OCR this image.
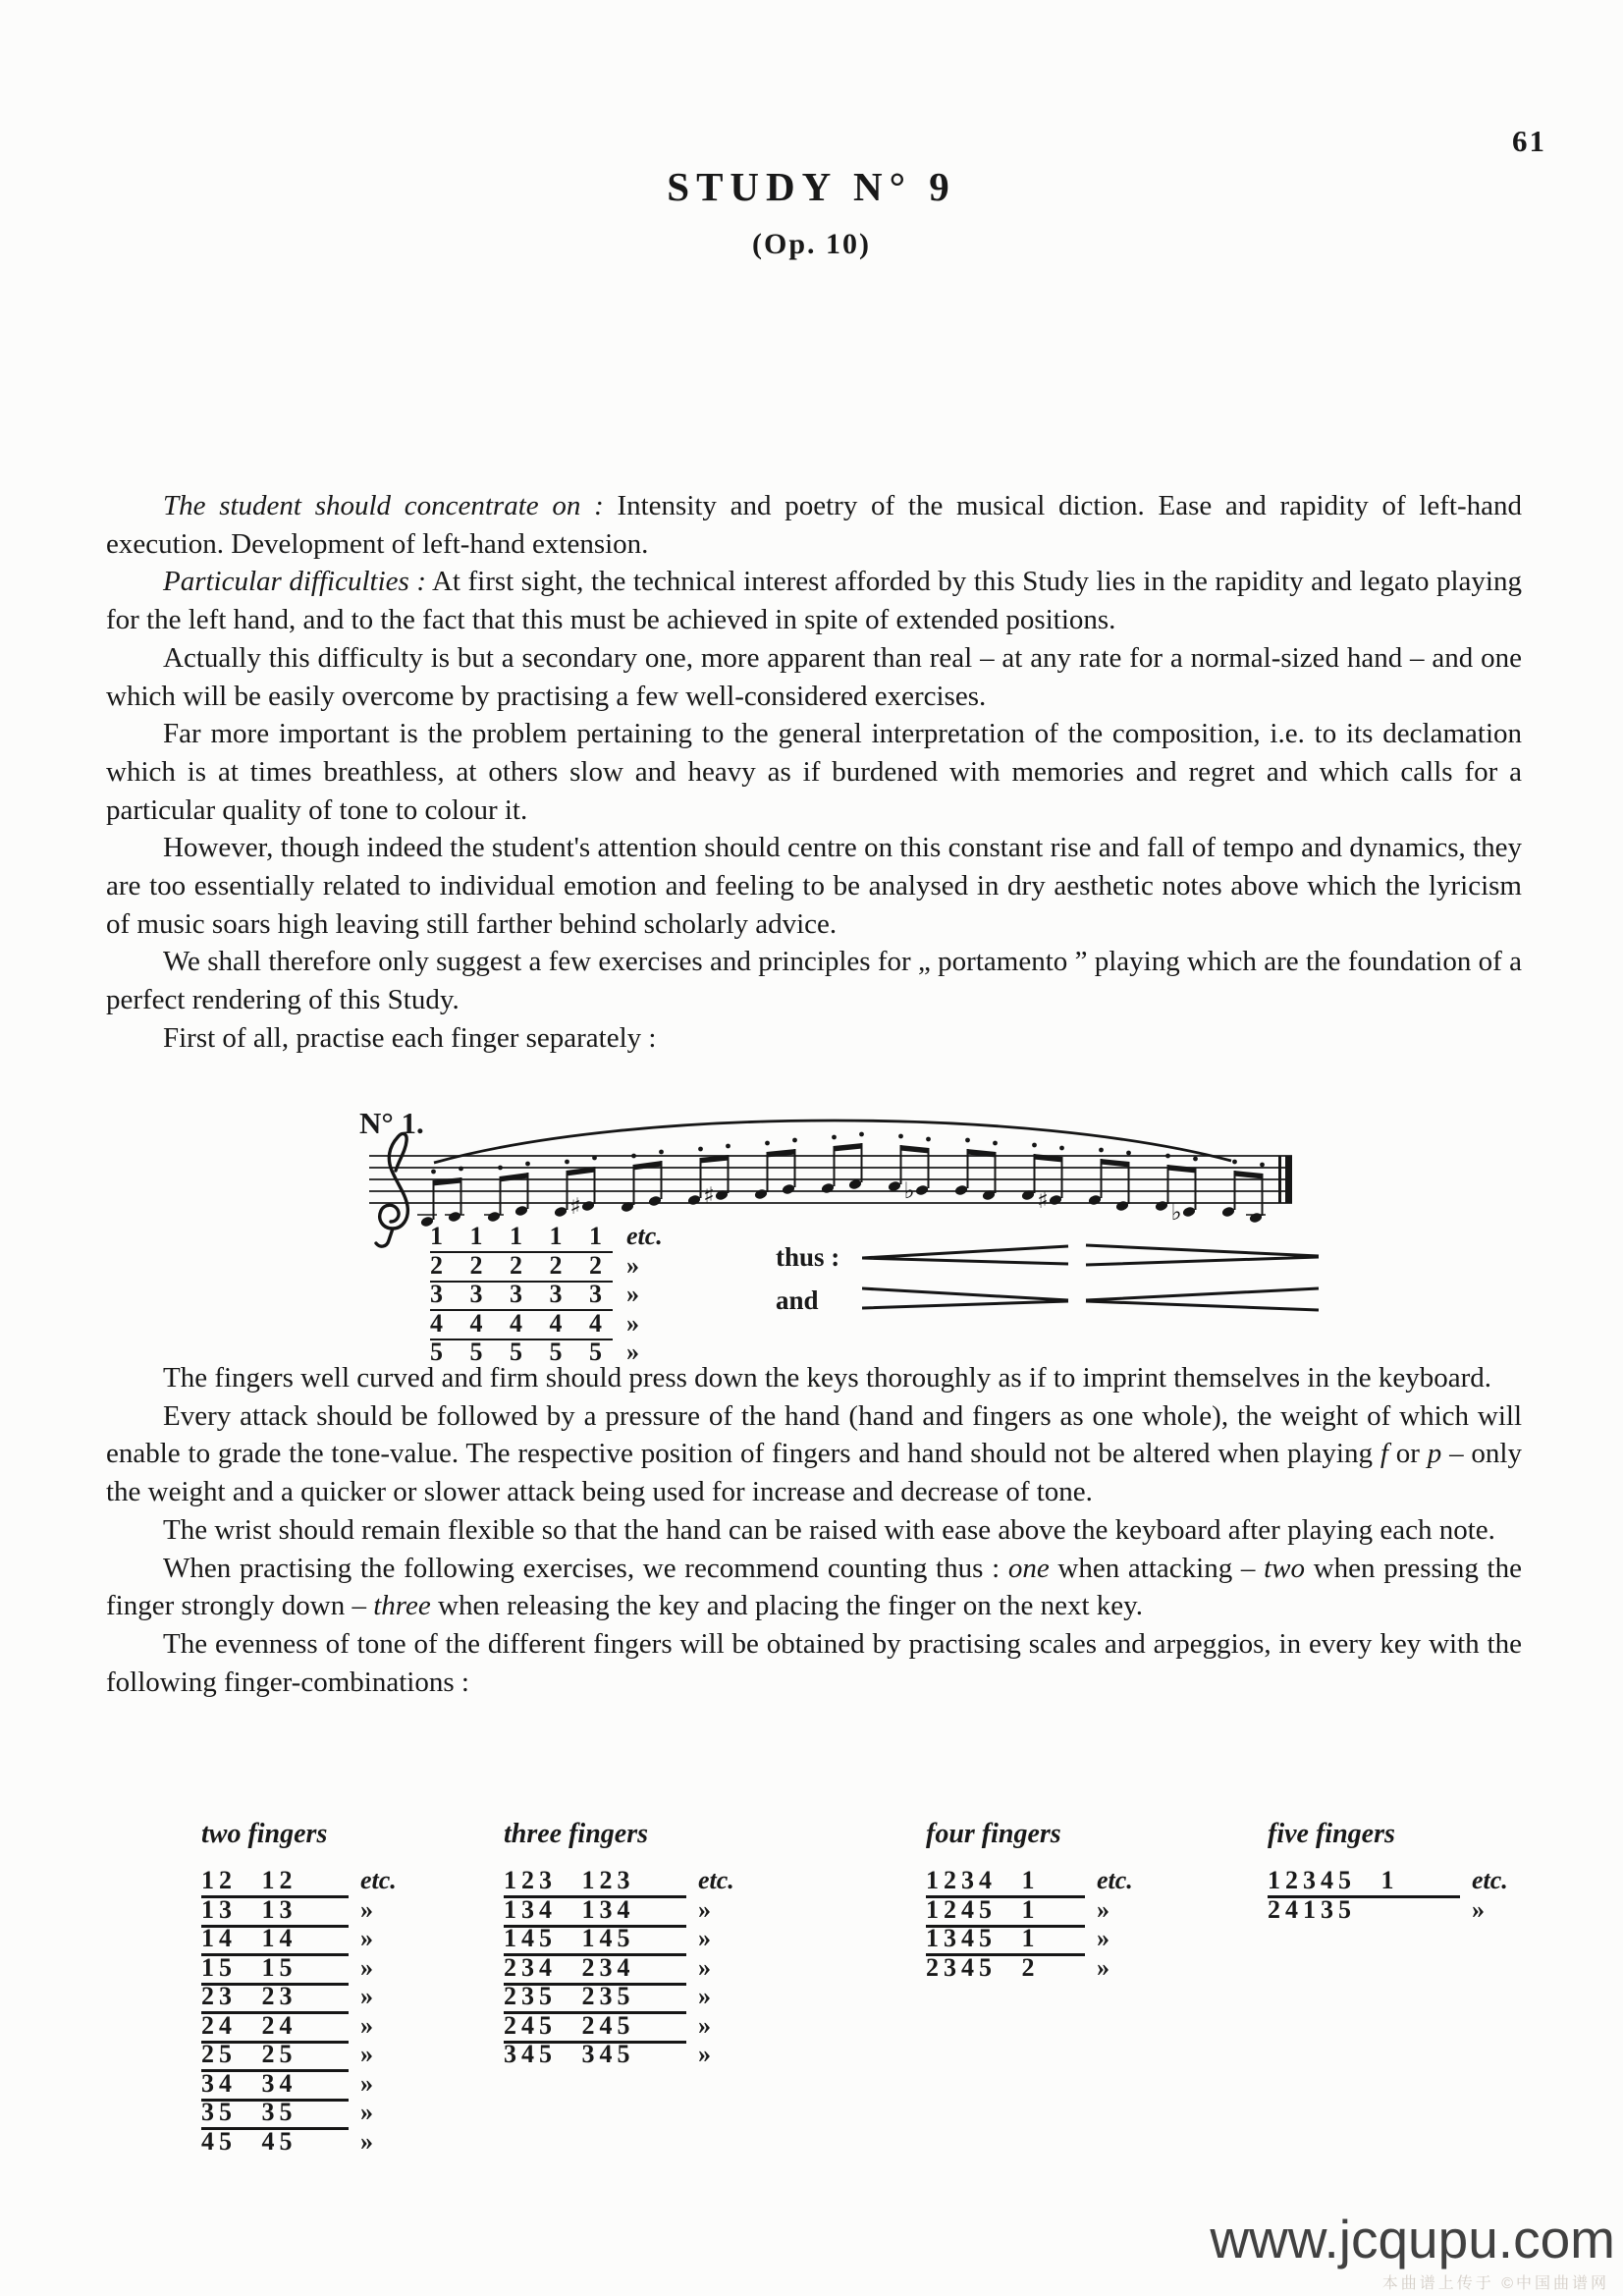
61
STUDY N° 9
(Op. 10)

The student should concentrate on : Intensity and poetry of the musical diction. Ease and rapidity of left-hand execution. Development of left-hand extension.

Particular difficulties : At first sight, the technical interest afforded by this Study lies in the rapidity and legato playing for the left hand, and to the fact that this must be achieved in spite of extended positions.

Actually this difficulty is but a secondary one, more apparent than real – at any rate for a normal-sized hand – and one which will be easily overcome by practising a few well-considered exercises.

Far more important is the problem pertaining to the general interpretation of the composition, i.e. to its declamation which is at times breathless, at others slow and heavy as if burdened with memories and regret and which calls for a particular quality of tone to colour it.

However, though indeed the student's attention should centre on this constant rise and fall of tempo and dynamics, they are too essentially related to individual emotion and feeling to be analysed in dry aesthetic notes above which the lyricism of music soars high leaving still farther behind scholarly advice.

We shall therefore only suggest a few exercises and principles for „ portamento ” playing which are the foundation of a perfect rendering of this Study.

First of all, practise each finger separately :

N° 1.
♯	♯	♭	♯	♭
1 1 1 1 1 etc.
2 2 2 2 2 »
3 3 3 3 3 »
4 4 4 4 4 »
5 5 5 5 5 »
thus :
and

The fingers well curved and firm should press down the keys thoroughly as if to imprint themselves in the keyboard.

Every attack should be followed by a pressure of the hand (hand and fingers as one whole), the weight of which will enable to grade the tone-value. The respective position of fingers and hand should not be altered when playing f or p – only the weight and a quicker or slower attack being used for increase and decrease of tone.

The wrist should remain flexible so that the hand can be raised with ease above the keyboard after playing each note.

When practising the following exercises, we recommend counting thus : one when attacking – two when pressing the finger strongly down – three when releasing the key and placing the finger on the next key.

The evenness of tone of the different fingers will be obtained by practising scales and arpeggios, in every key with the following finger-combinations :

two fingers
12 12 etc.
13 13 »
14 14 »
15 15 »
23 23 »
24 24 »
25 25 »
34 34 »
35 35 »
45 45 »
three fingers
123 123 etc.
134 134 »
145 145 »
234 234 »
235 235 »
245 245 »
345 345 »
four fingers
1234 1 etc.
1245 1 »
1345 1 »
2345 2 »
five fingers
12345 1	etc.
24135	»
www.jcqupu.com
本曲谱上传于 ©中国曲谱网
